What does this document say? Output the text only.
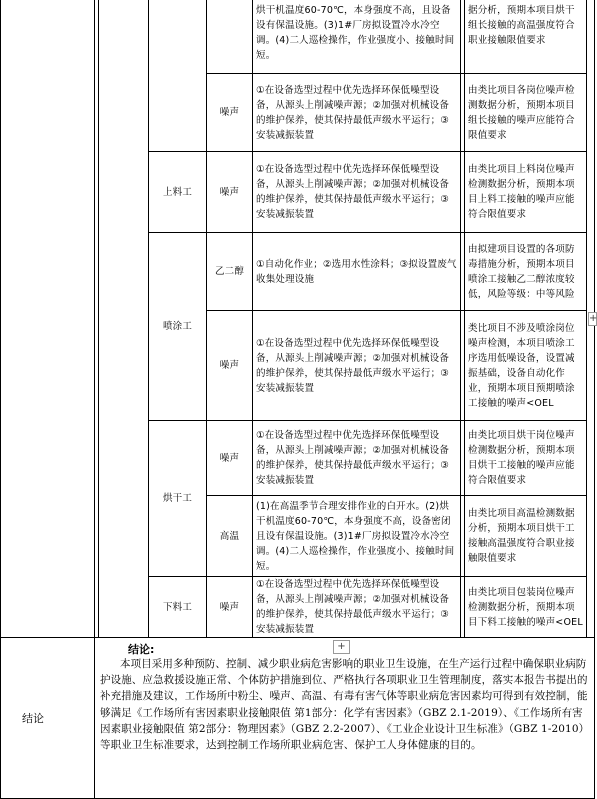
烘干机温度60-70℃，本身强度不高，且设备设有保温设施。(3)1#厂房拟设置冷水冷空调。(4)二人巡检操作，作业强度小、接触时间短。
据分析，预期本项目烘干组长接触的高温强度符合职业接触限值要求
噪声
①在设备选型过程中优先选择环保低噪型设备，从源头上削减噪声源；②加强对机械设备的维护保养，使其保持最低声级水平运行；③安装减振装置
由类比项目各岗位噪声检测数据分析，预期本项目组长接触的噪声应能符合限值要求
上料工	噪声
①在设备选型过程中优先选择环保低噪型设备，从源头上削减噪声源；②加强对机械设备的维护保养，使其保持最低声级水平运行；③安装减振装置
由类比项目上料岗位噪声检测数据分析，预期本项目上料工接触的噪声应能符合限值要求
乙二醇
①自动化作业；②选用水性涂料；③拟设置废气收集处理设施
由拟建项目设置的各项防毒措施分析，预期本项目喷涂工接触乙二醇浓度较低，风险等级：中等风险
喷涂工
噪声
①在设备选型过程中优先选择环保低噪型设备，从源头上削减噪声源；②加强对机械设备的维护保养，使其保持最低声级水平运行；③安装减振装置
类比项目不涉及喷涂岗位噪声检测，本项目喷涂工序选用低噪设备，设置减振基础，设备自动化作业，预期本项目预期喷涂工接触的噪声<OEL
烘干工
噪声
①在设备选型过程中优先选择环保低噪型设备，从源头上削减噪声源；②加强对机械设备的维护保养，使其保持最低声级水平运行；③安装减振装置
由类比项目烘干岗位噪声检测数据分析，预期本项目烘干工接触的噪声应能符合限值要求
高温
(1)在高温季节合理安排作业的白开水。(2)烘干机温度60-70℃，本身强度不高，设备密闭且设有保温设施。(3)1#厂房拟设置冷水冷空调。(4)二人巡检操作，作业强度小、接触时间短。
由类比项目高温检测数据分析，预期本项目烘干工接触高温强度符合职业接触限值要求
下料工	噪声
①在设备选型过程中优先选择环保低噪型设备，从源头上削减噪声源；②加强对机械设备的维护保养，使其保持最低声级水平运行；③安装减振装置
由类比项目包装岗位噪声检测数据分析，预期本项目下料工接触的噪声<OEL
结论
结论:
本项目采用多种预防、控制、减少职业病危害影响的职业卫生设施，在生产运行过程中确保职业病防护设施、应急救援设施正常、个体防护措施到位、严格执行各项职业卫生管理制度，落实本报告书提出的补充措施及建议，工作场所中粉尘、噪声、高温、有毒有害气体等职业病危害因素均可得到有效控制，能够满足《工作场所有害因素职业接触限值 第1部分：化学有害因素》（GBZ 2.1-2019）、《工作场所有害因素职业接触限值 第2部分：物理因素》（GBZ 2.2-2007）、《工业企业设计卫生标准》（GBZ 1-2010）等职业卫生标准要求，达到控制工作场所职业病危害、保护工人身体健康的目的。
+
+
